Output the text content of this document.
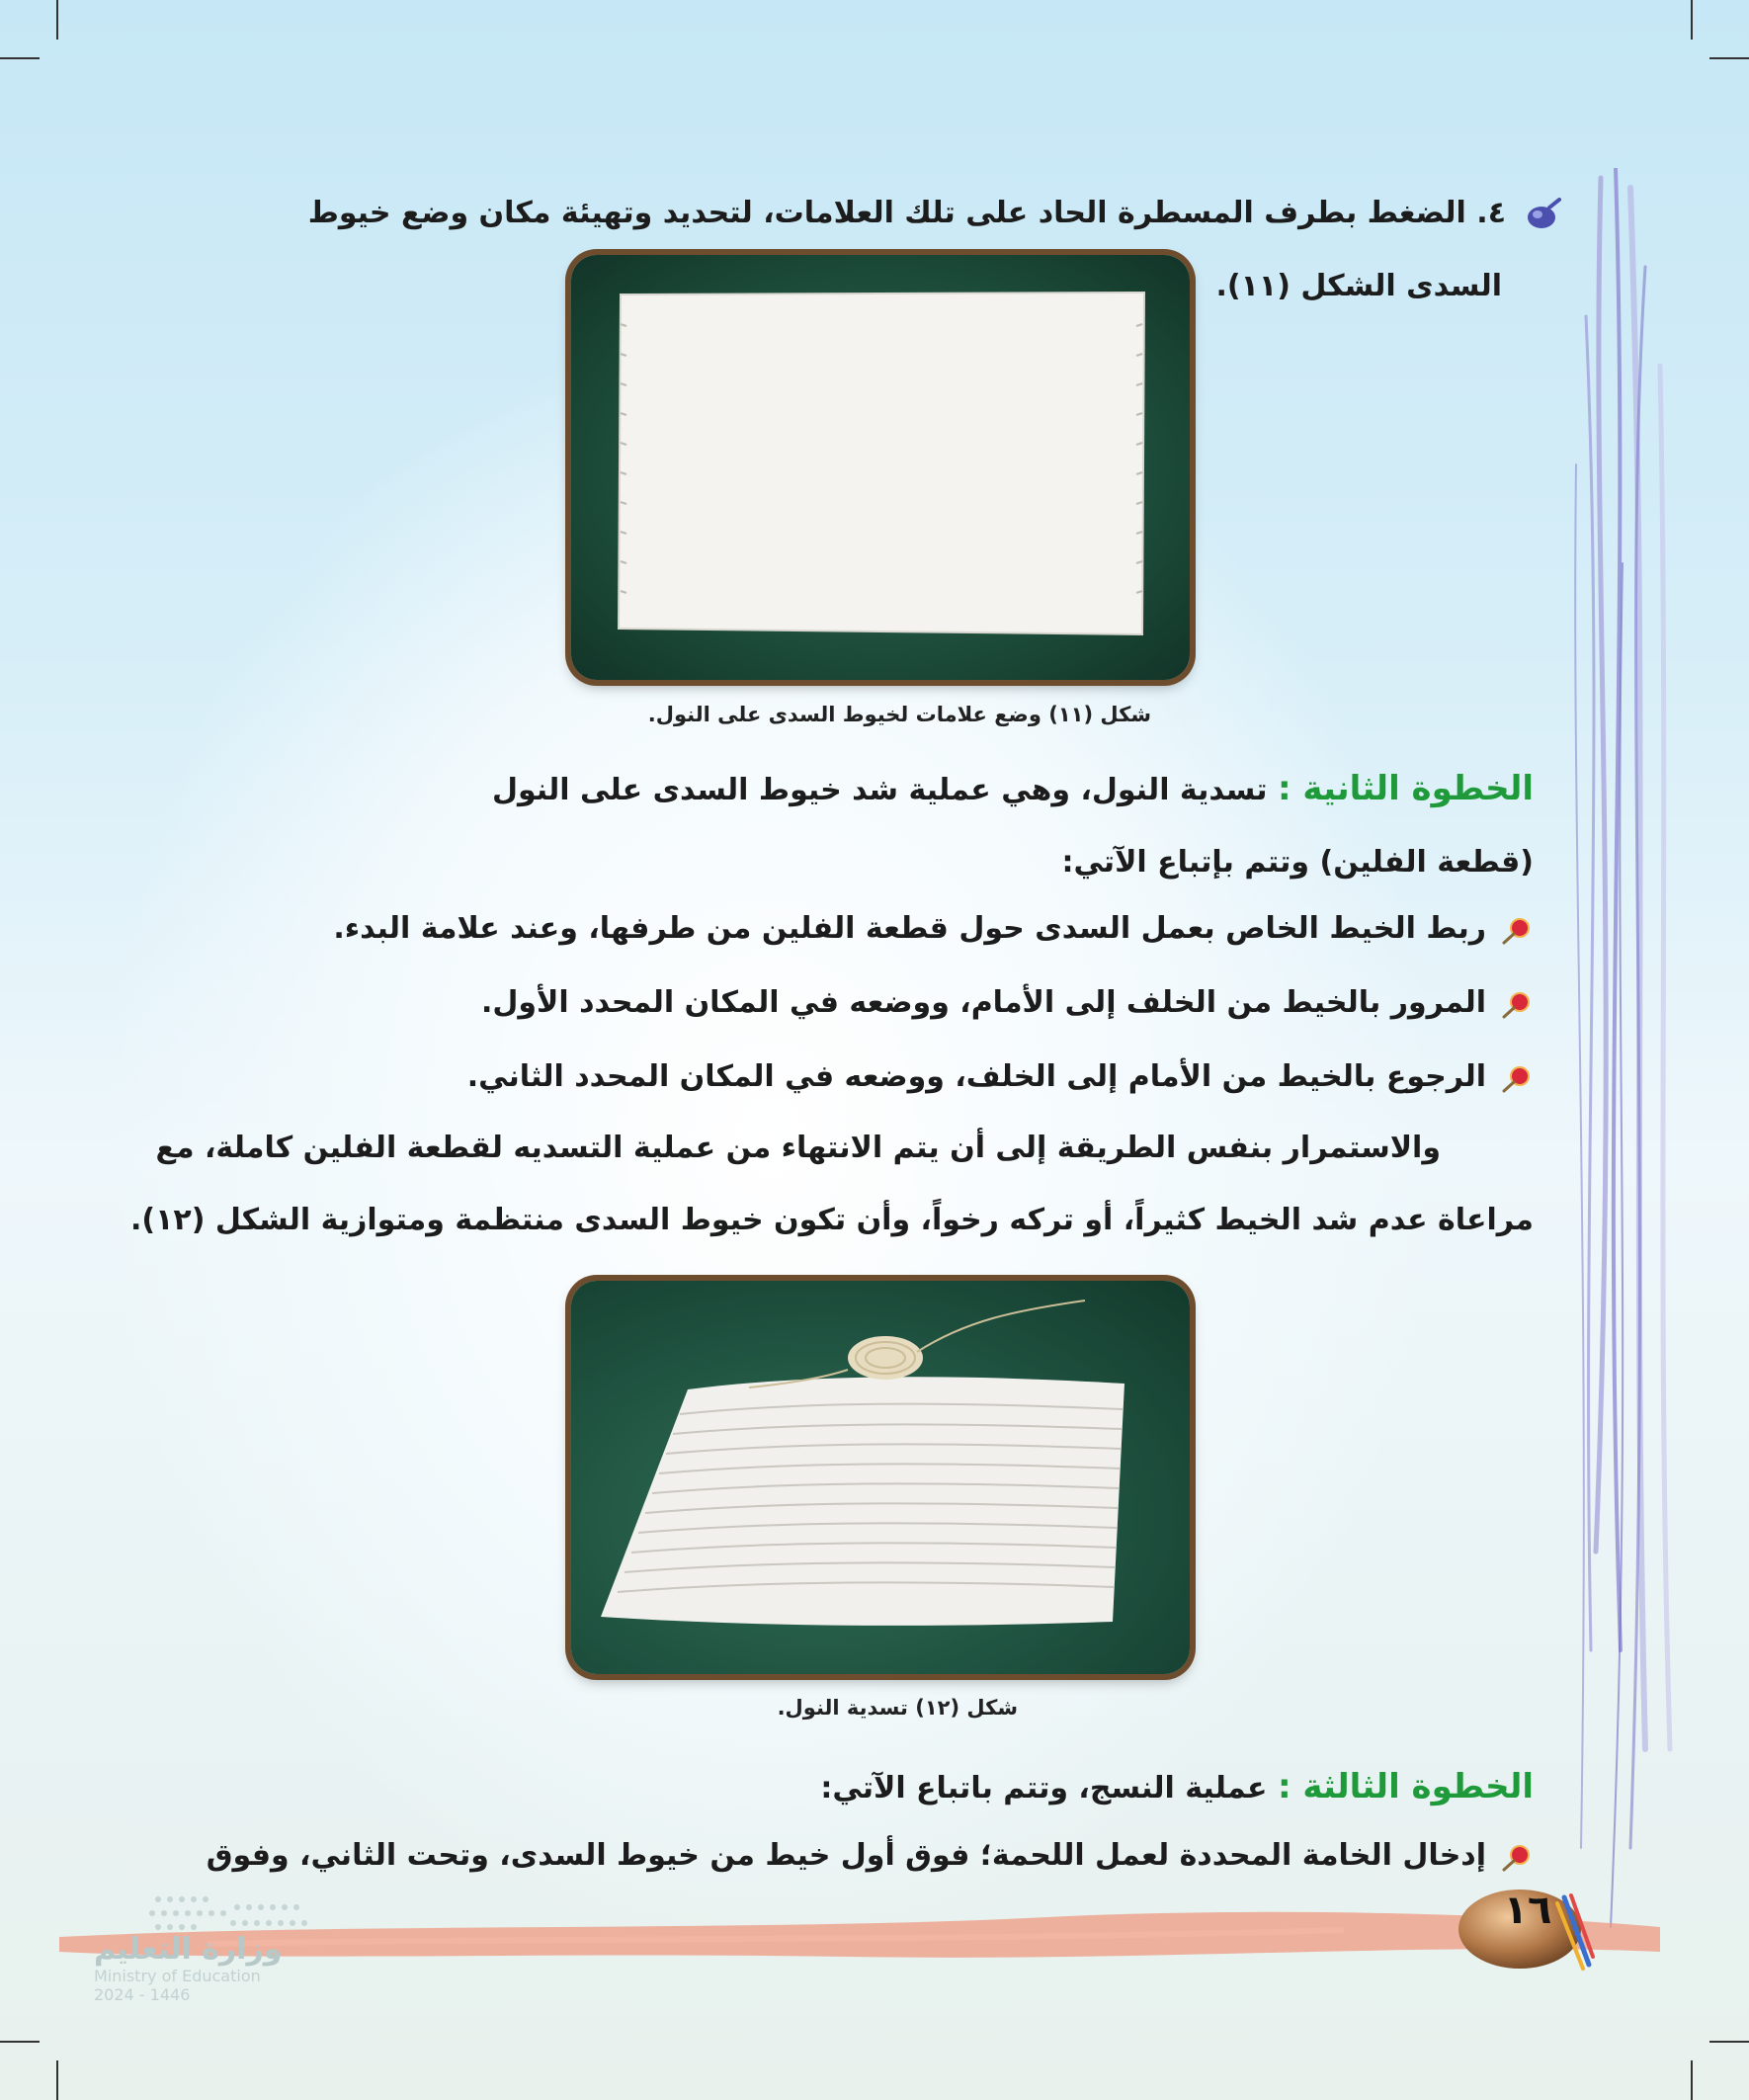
٤. الضغط بطرف المسطرة الحاد على تلك العلامات، لتحديد وتهيئة مكان وضع خيوط

السدى الشكل (١١).

شكل (١١) وضع علامات لخيوط السدى على النول.

الخطوة الثانية : تسدية النول، وهي عملية شد خيوط السدى على النول

(قطعة الفلين) وتتم بإتباع الآتي:

ربط الخيط الخاص بعمل السدى حول قطعة الفلين من طرفها، وعند علامة البدء.

المرور بالخيط من الخلف إلى الأمام، ووضعه في المكان المحدد الأول.

الرجوع بالخيط من الأمام إلى الخلف، ووضعه في المكان المحدد الثاني.

والاستمرار بنفس الطريقة إلى أن يتم الانتهاء من عملية التسديه لقطعة الفلين كاملة، مع

مراعاة عدم شد الخيط كثيراً، أو تركه رخواً، وأن تكون خيوط السدى منتظمة ومتوازية الشكل (١٢).

شكل (١٢) تسدية النول.

الخطوة الثالثة : عملية النسج، وتتم باتباع الآتي:

إدخال الخامة المحددة لعمل اللحمة؛ فوق أول خيط من خيوط السدى، وتحت الثاني، وفوق

١٦

وزارة التعليم
Ministry of Education
2024 - 1446
